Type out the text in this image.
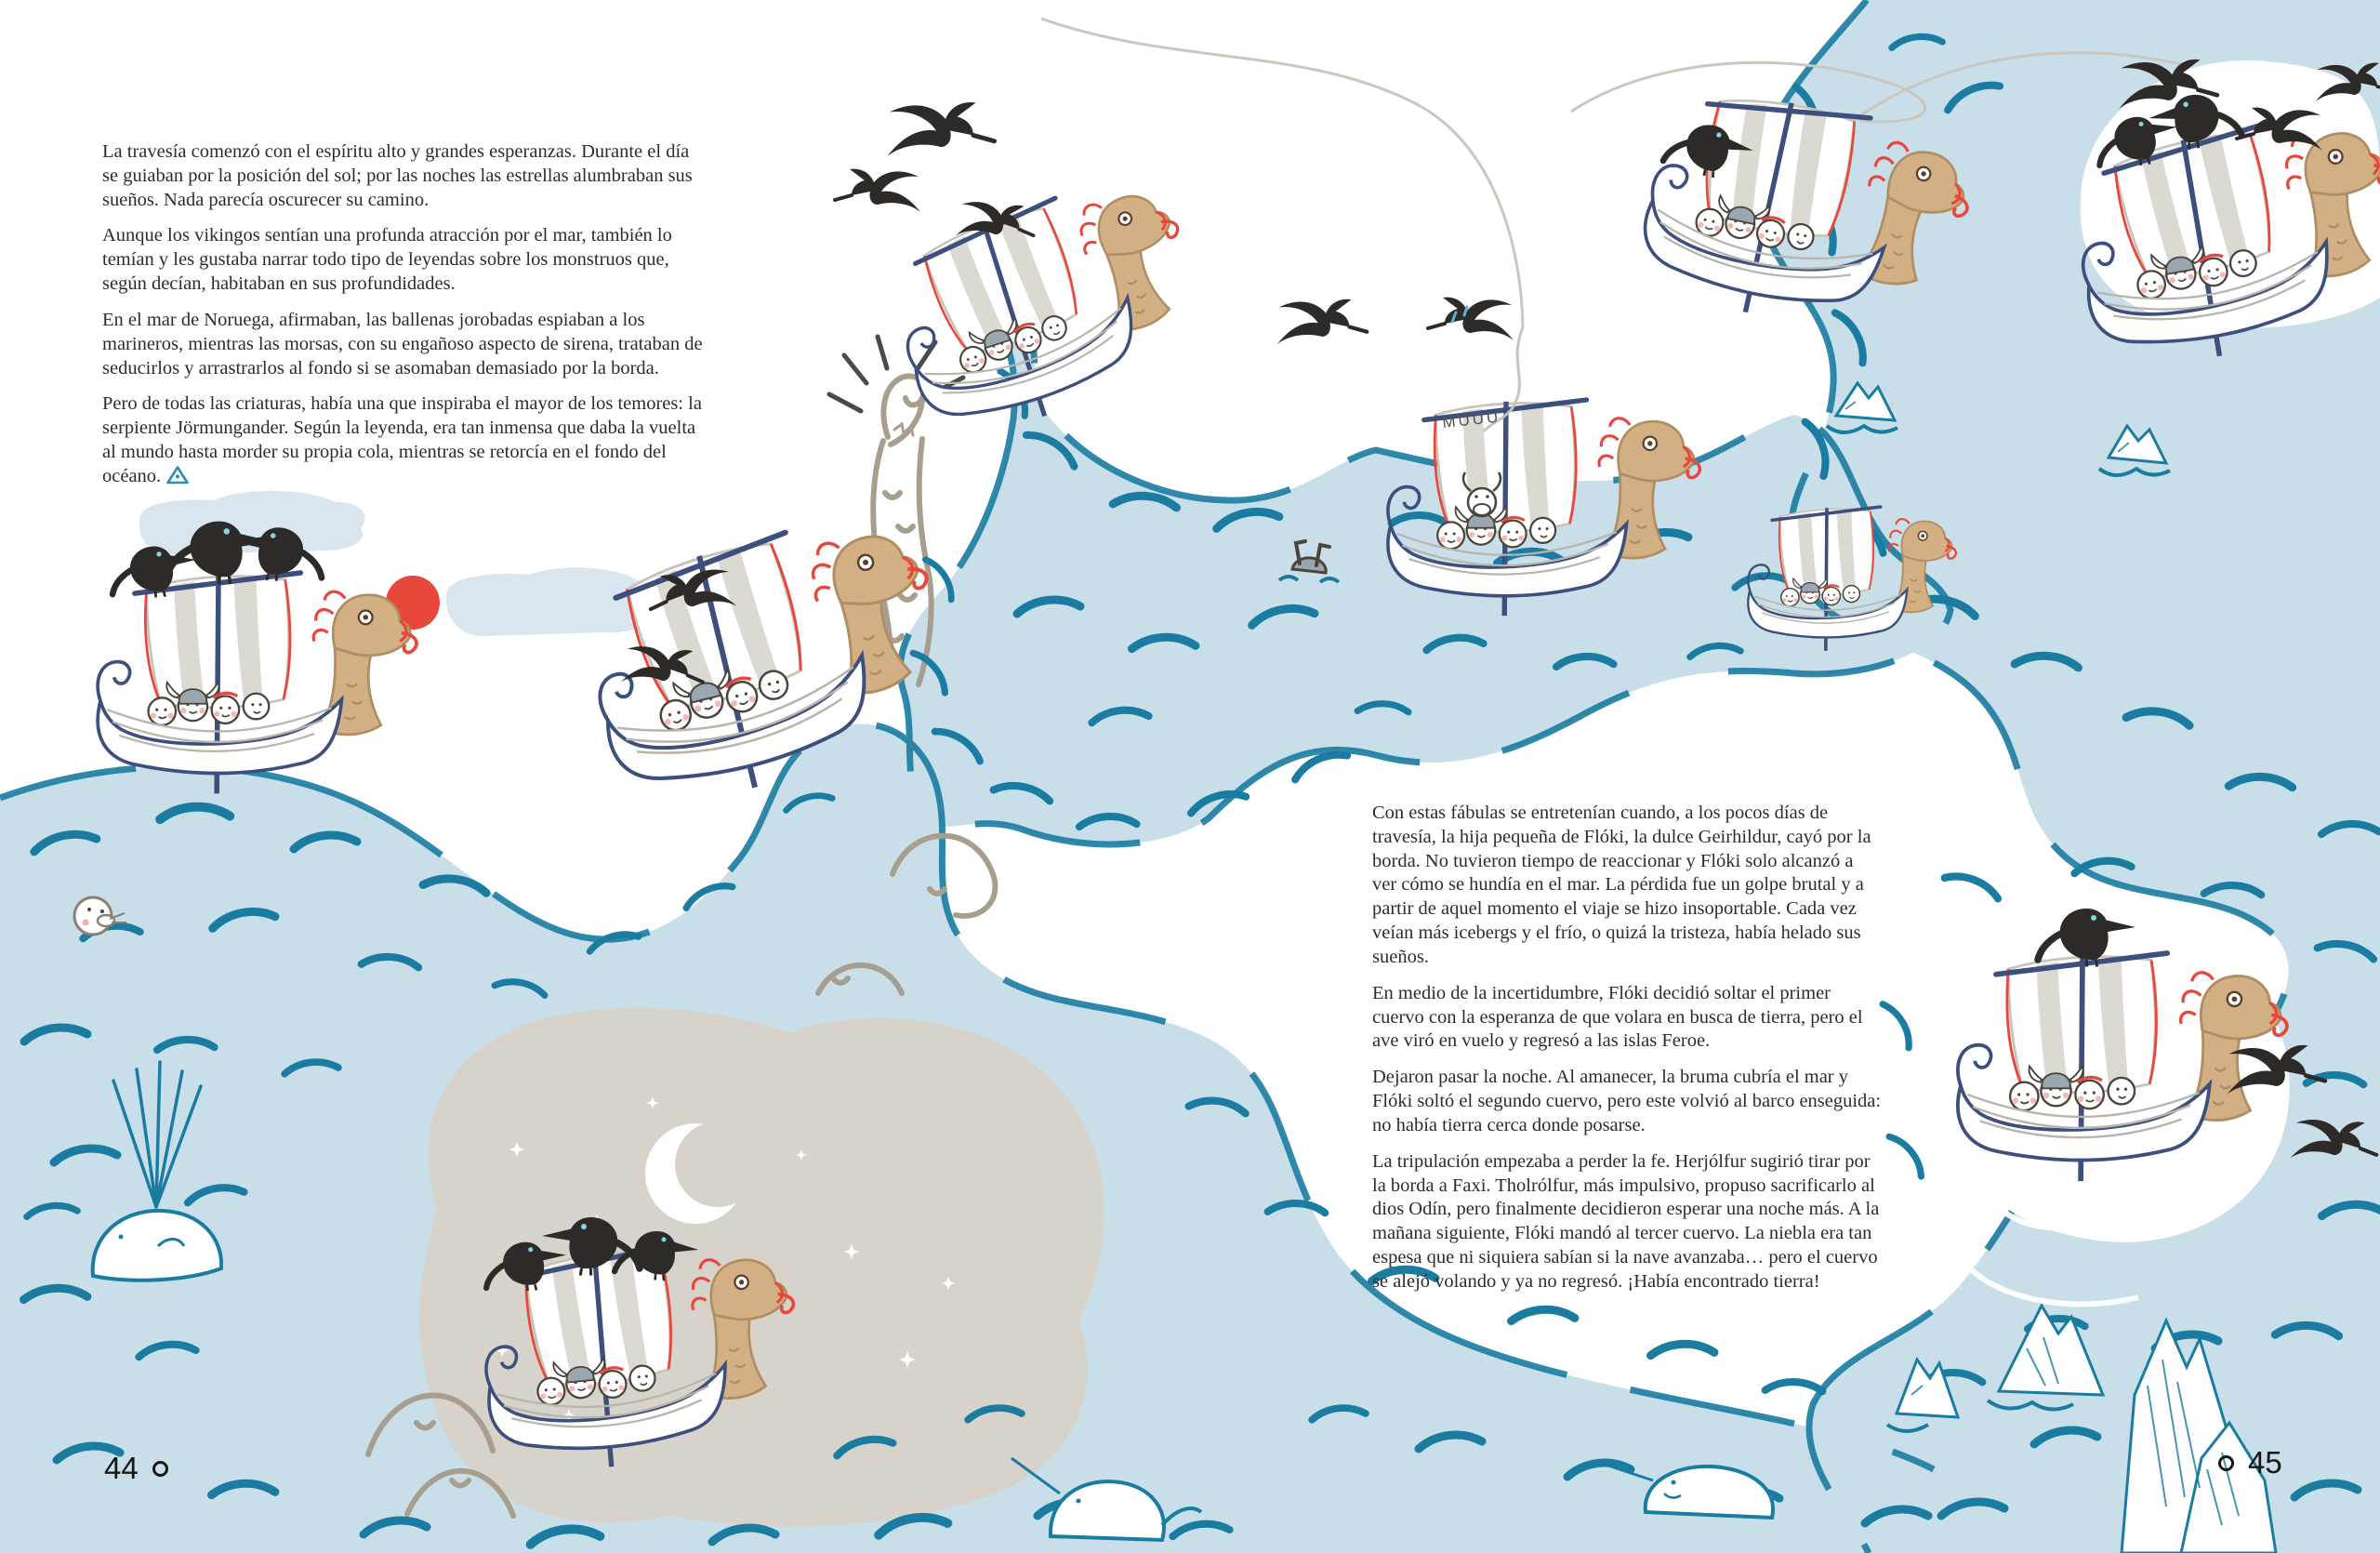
MUUU

La travesía comenzó con el espíritu alto y grandes esperanzas. Durante el día se guiaban por la posición del sol; por las noches las estrellas alumbraban sus sueños. Nada parecía oscurecer su camino.

Aunque los vikingos sentían una profunda atracción por el mar, también lo temían y les gustaba narrar todo tipo de leyendas sobre los monstruos que, según decían, habitaban en sus profundidades.

En el mar de Noruega, afirmaban, las ballenas jorobadas espiaban a los marineros, mientras las morsas, con su engañoso aspecto de sirena, trataban de seducirlos y arrastrarlos al fondo si se asomaban demasiado por la borda.

Pero de todas las criaturas, había una que inspiraba el mayor de los temores: la serpiente Jörmungander. Según la leyenda, era tan inmensa que daba la vuelta al mundo hasta morder su propia cola, mientras se retorcía en el fondo del océano.

Con estas fábulas se entretenían cuando, a los pocos días de travesía, la hija pequeña de Flóki, la dulce Geirhildur, cayó por la borda. No tuvieron tiempo de reaccionar y Flóki solo alcanzó a ver cómo se hundía en el mar. La pérdida fue un golpe brutal y a partir de aquel momento el viaje se hizo insoportable. Cada vez veían más icebergs y el frío, o quizá la tristeza, había helado sus sueños.

En medio de la incertidumbre, Flóki decidió soltar el primer cuervo con la esperanza de que volara en busca de tierra, pero el ave viró en vuelo y regresó a las islas Feroe.

Dejaron pasar la noche. Al amanecer, la bruma cubría el mar y Flóki soltó el segundo cuervo, pero este volvió al barco enseguida: no había tierra cerca donde posarse.

La tripulación empezaba a perder la fe. Herjólfur sugirió tirar por la borda a Faxi. Tholrólfur, más impulsivo, propuso sacrificarlo al dios Odín, pero finalmente decidieron esperar una noche más. A la mañana siguiente, Flóki mandó al tercer cuervo. La niebla era tan espesa que ni siquiera sabían si la nave avanzaba… pero el cuervo se alejó volando y ya no regresó. ¡Había encontrado tierra!

44	45
